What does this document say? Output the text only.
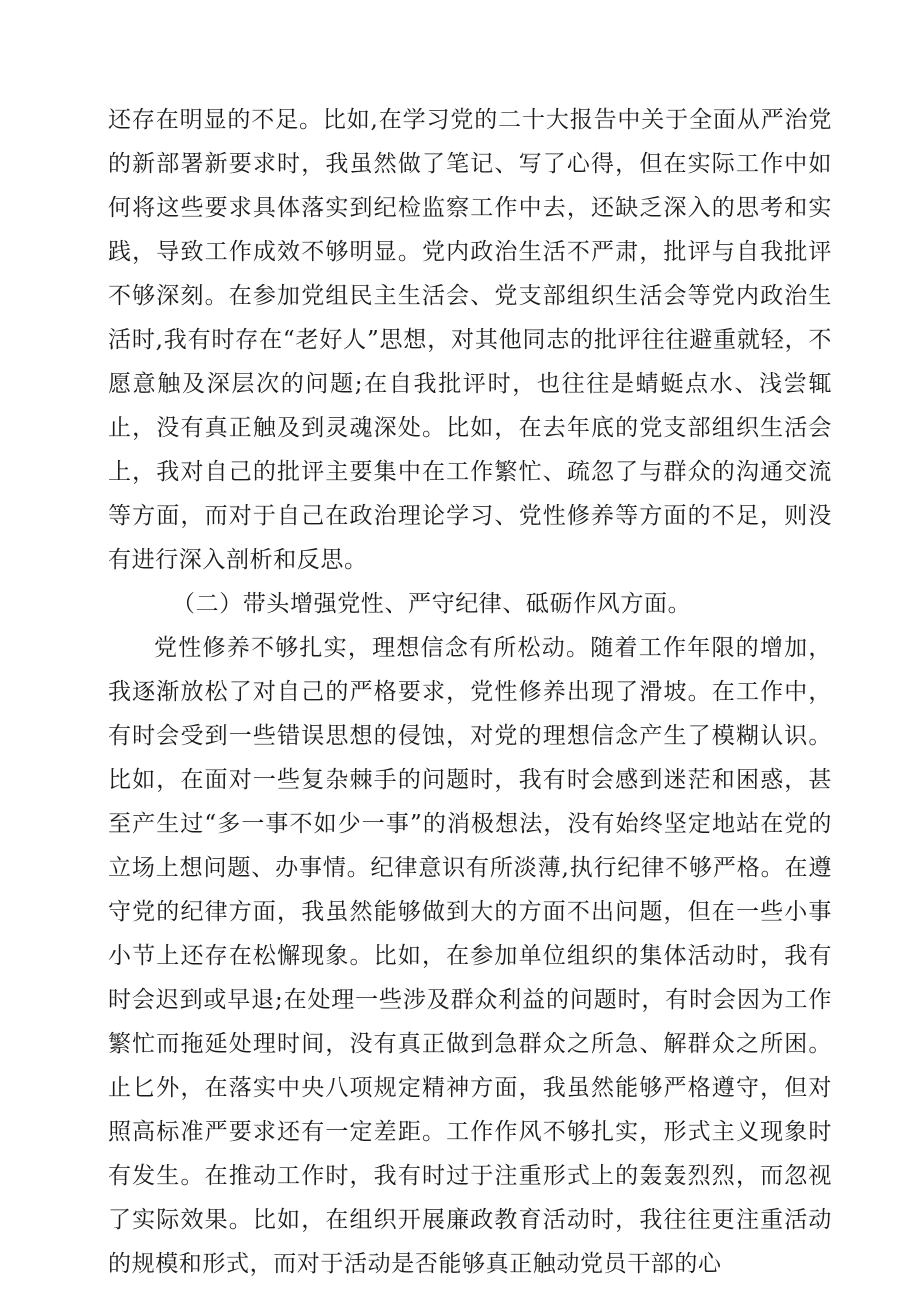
还存在明显的不足。比如,在学习党的二十大报告中关于全面从严治党的新部署新要求时，我虽然做了笔记、写了心得，但在实际工作中如何将这些要求具体落实到纪检监察工作中去，还缺乏深入的思考和实践，导致工作成效不够明显。党内政治生活不严肃，批评与自我批评不够深刻。在参加党组民主生活会、党支部组织生活会等党内政治生活时,我有时存在“老好人”思想，对其他同志的批评往往避重就轻，不愿意触及深层次的问题;在自我批评时，也往往是蜻蜓点水、浅尝辄止，没有真正触及到灵魂深处。比如，在去年底的党支部组织生活会上，我对自己的批评主要集中在工作繁忙、疏忽了与群众的沟通交流等方面，而对于自己在政治理论学习、党性修养等方面的不足，则没有进行深入剖析和反思。

（二）带头增强党性、严守纪律、砥砺作风方面。

党性修养不够扎实，理想信念有所松动。随着工作年限的增加，我逐渐放松了对自己的严格要求，党性修养出现了滑坡。在工作中，有时会受到一些错误思想的侵蚀，对党的理想信念产生了模糊认识。比如，在面对一些复杂棘手的问题时，我有时会感到迷茫和困惑，甚至产生过“多一事不如少一事”的消极想法，没有始终坚定地站在党的立场上想问题、办事情。纪律意识有所淡薄,执行纪律不够严格。在遵守党的纪律方面，我虽然能够做到大的方面不出问题，但在一些小事小节上还存在松懈现象。比如，在参加单位组织的集体活动时，我有时会迟到或早退;在处理一些涉及群众利益的问题时，有时会因为工作繁忙而拖延处理时间，没有真正做到急群众之所急、解群众之所困。止匕外，在落实中央八项规定精神方面，我虽然能够严格遵守，但对照高标准严要求还有一定差距。工作作风不够扎实，形式主义现象时有发生。在推动工作时，我有时过于注重形式上的轰轰烈烈，而忽视了实际效果。比如，在组织开展廉政教育活动时，我往往更注重活动的规模和形式，而对于活动是否能够真正触动党员干部的心
